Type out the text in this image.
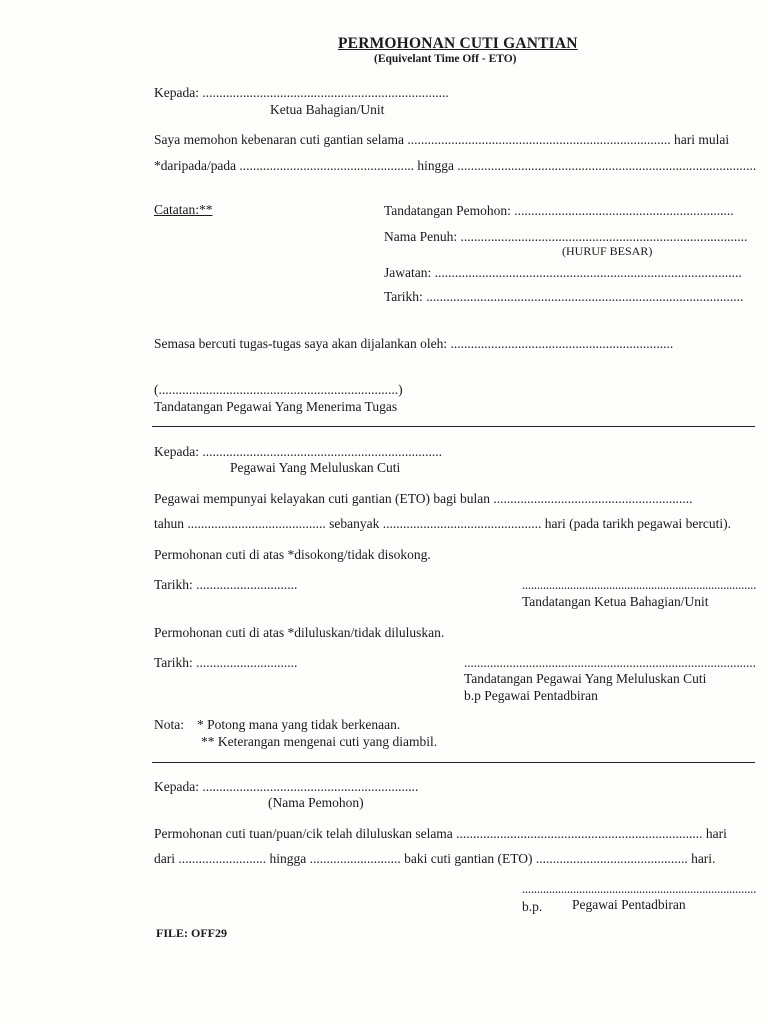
PERMOHONAN CUTI GANTIAN
(Equivelant Time Off - ETO)
Kepada: .........................................................................
Ketua Bahagian/Unit
Saya memohon kebenaran cuti gantian selama .............................................................................. hari mulai
*daripada/pada .................................................... hingga .........................................................................................
Catatan:**	Tandatangan Pemohon: .................................................................
Nama Penuh: .....................................................................................
(HURUF BESAR)
Jawatan: ...........................................................................................
Tarikh: ..............................................................................................
Semasa bercuti tugas-tugas saya akan dijalankan oleh: ..................................................................
(.......................................................................)
Tandatangan Pegawai Yang Menerima Tugas
Kepada: .......................................................................
Pegawai Yang Meluluskan Cuti
Pegawai mempunyai kelayakan cuti gantian (ETO) bagi bulan ...........................................................
tahun ......................................... sebanyak ............................................... hari (pada tarikh pegawai bercuti).
Permohonan cuti di atas *disokong/tidak disokong.
Tarikh: ..............................	..............................................................................
Tandatangan Ketua Bahagian/Unit
Permohonan cuti di atas *diluluskan/tidak diluluskan.
Tarikh: ..............................	..........................................................................................
Tandatangan Pegawai Yang Meluluskan Cuti
b.p Pegawai Pentadbiran
Nota: * Potong mana yang tidak berkenaan.
** Keterangan mengenai cuti yang diambil.
Kepada: ................................................................
(Nama Pemohon)
Permohonan cuti tuan/puan/cik telah diluluskan selama ......................................................................... hari
dari .......................... hingga ........................... baki cuti gantian (ETO) ............................................. hari.
..............................................................................
b.p. Pegawai Pentadbiran
FILE: OFF29
